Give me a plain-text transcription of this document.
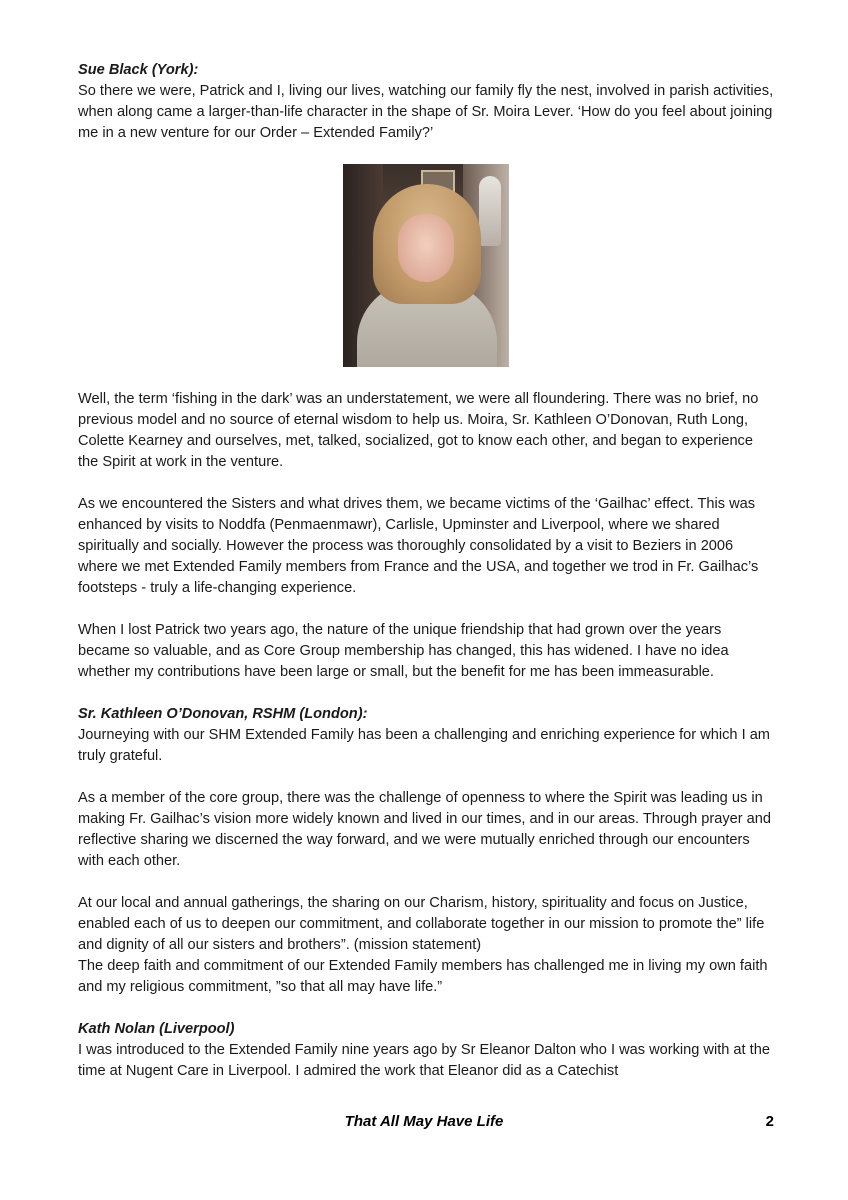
Sue Black (York):

So there we were, Patrick and I, living our lives, watching our family fly the nest, involved in parish activities, when along came a larger-than-life character in the shape of Sr. Moira Lever. ‘How do you feel about joining me in a new venture for our Order – Extended Family?’

Well, the term ‘fishing in the dark’ was an understatement, we were all floundering. There was no brief, no previous model and no source of eternal wisdom to help us. Moira, Sr. Kathleen O’Donovan, Ruth Long, Colette Kearney and ourselves, met, talked, socialized, got to know each other, and began to experience the Spirit at work in the venture.

As we encountered the Sisters and what drives them, we became victims of the ‘Gailhac’ effect. This was enhanced by visits to Noddfa (Penmaenmawr), Carlisle, Upminster and Liverpool, where we shared spiritually and socially. However the process was thoroughly consolidated by a visit to Beziers in 2006 where we met Extended Family members from France and the USA, and together we trod in Fr. Gailhac’s footsteps - truly a life-changing experience.

When I lost Patrick two years ago, the nature of the unique friendship that had grown over the years became so valuable, and as Core Group membership has changed, this has widened. I have no idea whether my contributions have been large or small, but the benefit for me has been immeasurable.

Sr. Kathleen O’Donovan, RSHM (London):

Journeying with our SHM Extended Family has been a challenging and enriching experience for which I am truly grateful.

As a member of the core group, there was the challenge of openness to where the Spirit was leading us in making Fr. Gailhac’s vision more widely known and lived in our times, and in our areas. Through prayer and reflective sharing we discerned the way forward, and we were mutually enriched through our encounters with each other.

At our local and annual gatherings, the sharing on our Charism, history, spirituality and focus on Justice, enabled each of us to deepen our commitment, and collaborate together in our mission to promote the” life and dignity of all our sisters and brothers”. (mission statement)

The deep faith and commitment of our Extended Family members has challenged me in living my own faith and my religious commitment, ”so that all may have life.”

Kath Nolan (Liverpool)

I was introduced to the Extended Family nine years ago by Sr Eleanor Dalton who I was working with at the time at Nugent Care in Liverpool. I admired the work that Eleanor did as a Catechist

That All May Have Life	2
